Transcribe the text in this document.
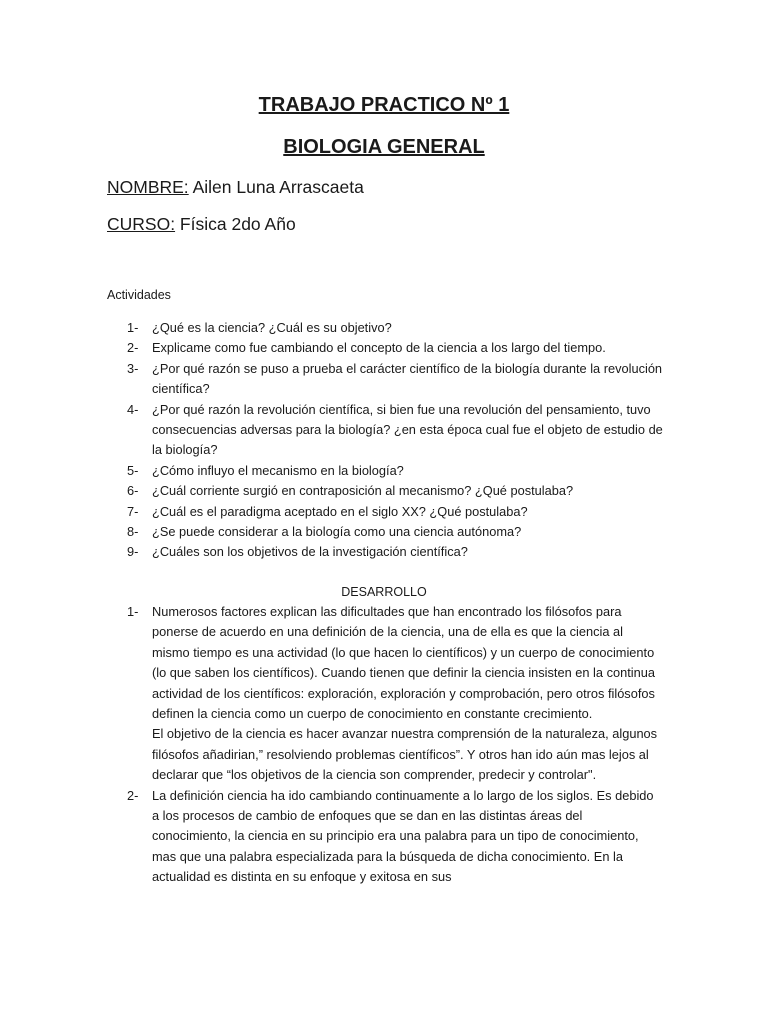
TRABAJO PRACTICO Nº 1
BIOLOGIA GENERAL

NOMBRE: Ailen Luna Arrascaeta

CURSO: Física 2do Año

Actividades

1- ¿Qué es la ciencia? ¿Cuál es su objetivo?
2- Explicame como fue cambiando el concepto de la ciencia a los largo del tiempo.
3- ¿Por qué razón se puso a prueba el carácter científico de la biología durante la revolución científica?
4- ¿Por qué razón la revolución científica, si bien fue una revolución del pensamiento, tuvo consecuencias adversas para la biología? ¿en esta época cual fue el objeto de estudio de la biología?
5- ¿Cómo influyo el mecanismo en la biología?
6- ¿Cuál corriente surgió en contraposición al mecanismo? ¿Qué postulaba?
7- ¿Cuál es el paradigma aceptado en el siglo XX? ¿Qué postulaba?
8- ¿Se puede considerar a la biología como una ciencia autónoma?
9- ¿Cuáles son los objetivos de la investigación científica?

DESARROLLO

1- Numerosos factores explican las dificultades que han encontrado los filósofos para ponerse de acuerdo en una definición de la ciencia, una de ella es que la ciencia al mismo tiempo es una actividad (lo que hacen lo científicos) y un cuerpo de conocimiento (lo que saben los científicos). Cuando tienen que definir la ciencia insisten en la continua actividad de los científicos: exploración, exploración y comprobación, pero otros filósofos definen la ciencia como un cuerpo de conocimiento en constante crecimiento.
El objetivo de la ciencia es hacer avanzar nuestra comprensión de la naturaleza, algunos filósofos añadirian,” resolviendo problemas científicos”. Y otros han ido aún mas lejos al declarar que “los objetivos de la ciencia son comprender, predecir y controlar".
2- La definición ciencia ha ido cambiando continuamente a lo largo de los siglos. Es debido a los procesos de cambio de enfoques que se dan en las distintas áreas del conocimiento, la ciencia en su principio era una palabra para un tipo de conocimiento, mas que una palabra especializada para la búsqueda de dicha conocimiento. En la actualidad es distinta en su enfoque y exitosa en sus
